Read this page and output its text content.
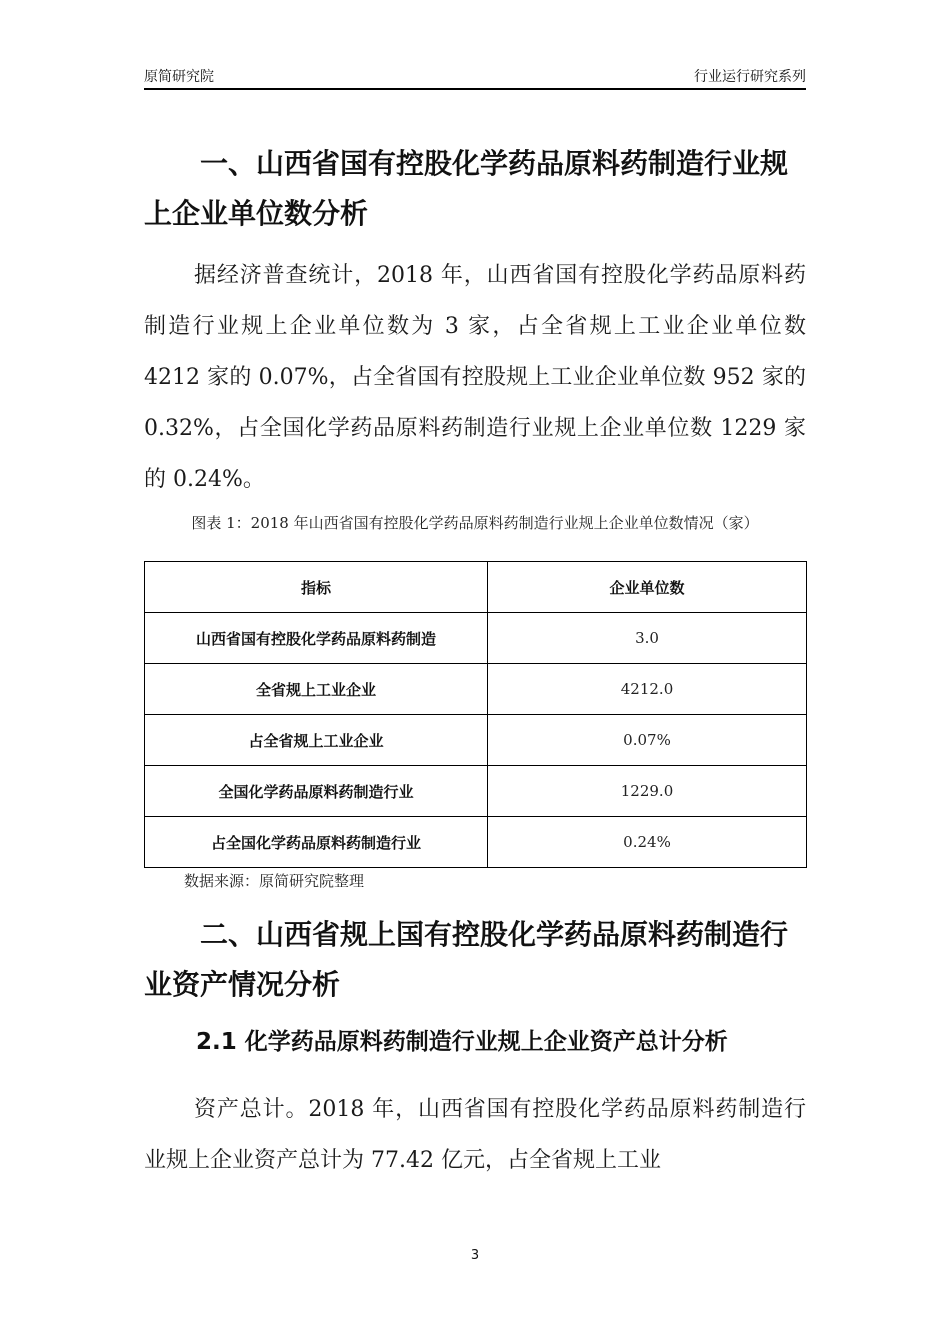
原简研究院	行业运行研究系列
一、山西省国有控股化学药品原料药制造行业规上企业单位数分析

据经济普查统计，2018 年，山西省国有控股化学药品原料药制造行业规上企业单位数为 3 家，占全省规上工业企业单位数 4212 家的 0.07%，占全省国有控股规上工业企业单位数 952 家的 0.32%，占全国化学药品原料药制造行业规上企业单位数 1229 家的 0.24%。

图表 1：2018 年山西省国有控股化学药品原料药制造行业规上企业单位数情况（家）
指标	企业单位数
山西省国有控股化学药品原料药制造	3.0
全省规上工业企业	4212.0
占全省规上工业企业	0.07%
全国化学药品原料药制造行业	1229.0
占全国化学药品原料药制造行业	0.24%
数据来源：原简研究院整理
二、山西省规上国有控股化学药品原料药制造行业资产情况分析
2.1 化学药品原料药制造行业规上企业资产总计分析

资产总计。2018 年，山西省国有控股化学药品原料药制造行业规上企业资产总计为 77.42 亿元，占全省规上工业

3
